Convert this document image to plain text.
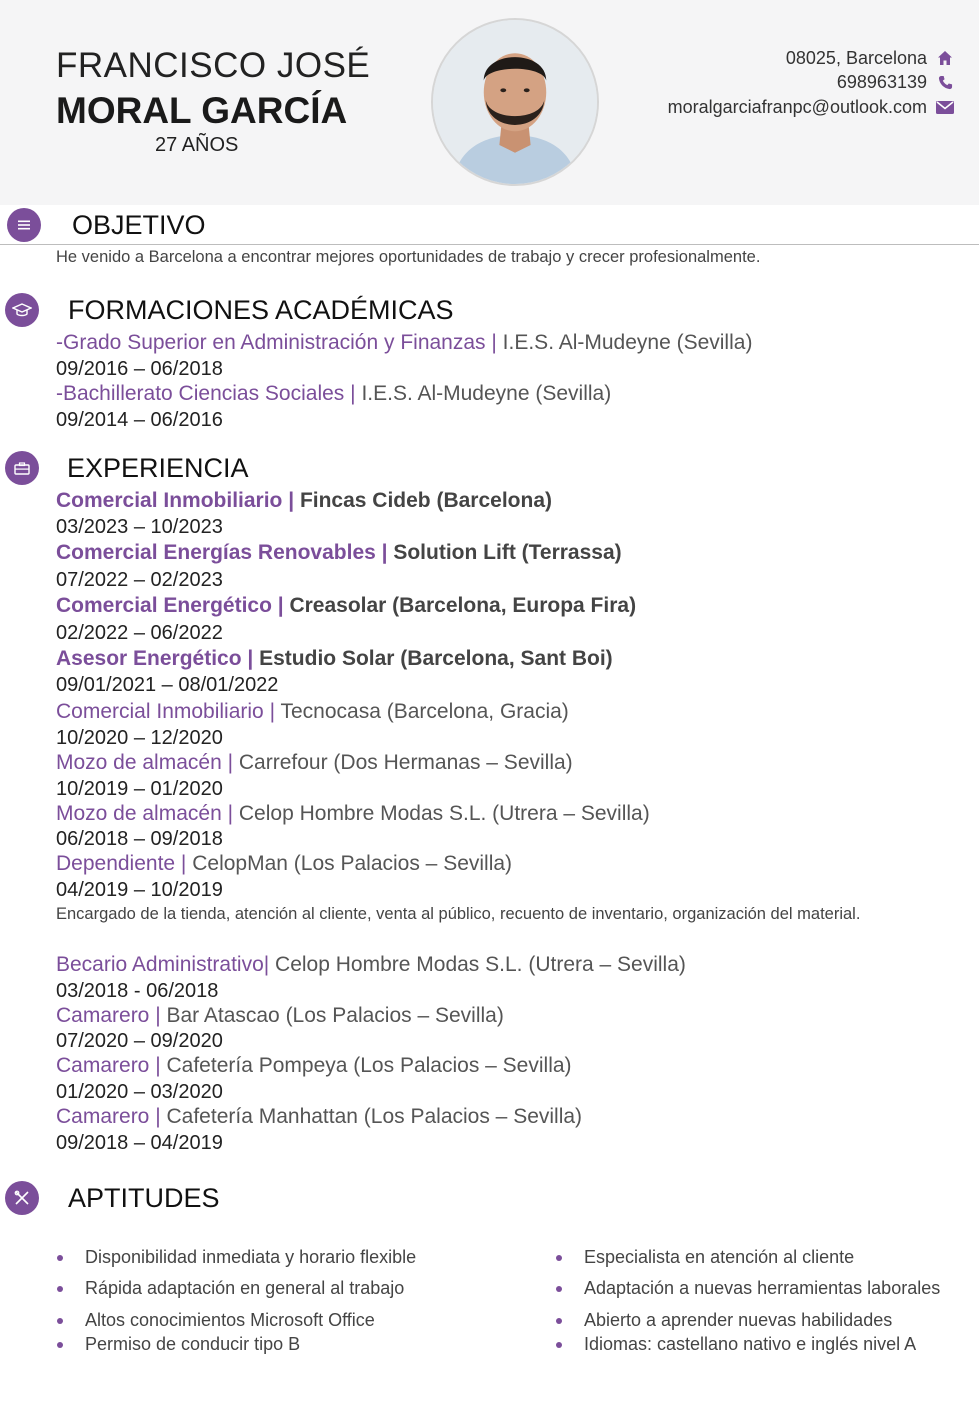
FRANCISCO JOSÉ
MORAL GARCÍA
27 AÑOS
08025, Barcelona
698963139
moralgarciafranpc@outlook.com
OBJETIVO
He venido a Barcelona a encontrar mejores oportunidades de trabajo y crecer profesionalmente.
FORMACIONES ACADÉMICAS
-Grado Superior en Administración y Finanzas | I.E.S. Al-Mudeyne (Sevilla)
09/2016 – 06/2018
-Bachillerato Ciencias Sociales | I.E.S. Al-Mudeyne (Sevilla)
09/2014 – 06/2016
EXPERIENCIA
Comercial Inmobiliario | Fincas Cideb (Barcelona)
03/2023 – 10/2023
Comercial Energías Renovables | Solution Lift (Terrassa)
07/2022 – 02/2023
Comercial Energético | Creasolar (Barcelona, Europa Fira)
02/2022 – 06/2022
Asesor Energético | Estudio Solar (Barcelona, Sant Boi)
09/01/2021 – 08/01/2022
Comercial Inmobiliario | Tecnocasa (Barcelona, Gracia)
10/2020 – 12/2020
Mozo de almacén | Carrefour (Dos Hermanas – Sevilla)
10/2019 – 01/2020
Mozo de almacén | Celop Hombre Modas S.L. (Utrera – Sevilla)
06/2018 – 09/2018
Dependiente | CelopMan (Los Palacios – Sevilla)
04/2019 – 10/2019
Encargado de la tienda, atención al cliente, venta al público, recuento de inventario, organización del material.
Becario Administrativo| Celop Hombre Modas S.L. (Utrera – Sevilla)
03/2018 - 06/2018
Camarero | Bar Atascao (Los Palacios – Sevilla)
07/2020 – 09/2020
Camarero | Cafetería Pompeya (Los Palacios – Sevilla)
01/2020 – 03/2020
Camarero | Cafetería Manhattan (Los Palacios – Sevilla)
09/2018 – 04/2019
APTITUDES
Disponibilidad inmediata y horario flexible
Rápida adaptación en general al trabajo
Altos conocimientos Microsoft Office
Permiso de conducir tipo B
Especialista en atención al cliente
Adaptación a nuevas herramientas laborales
Abierto a aprender nuevas habilidades
Idiomas: castellano nativo e inglés nivel A
